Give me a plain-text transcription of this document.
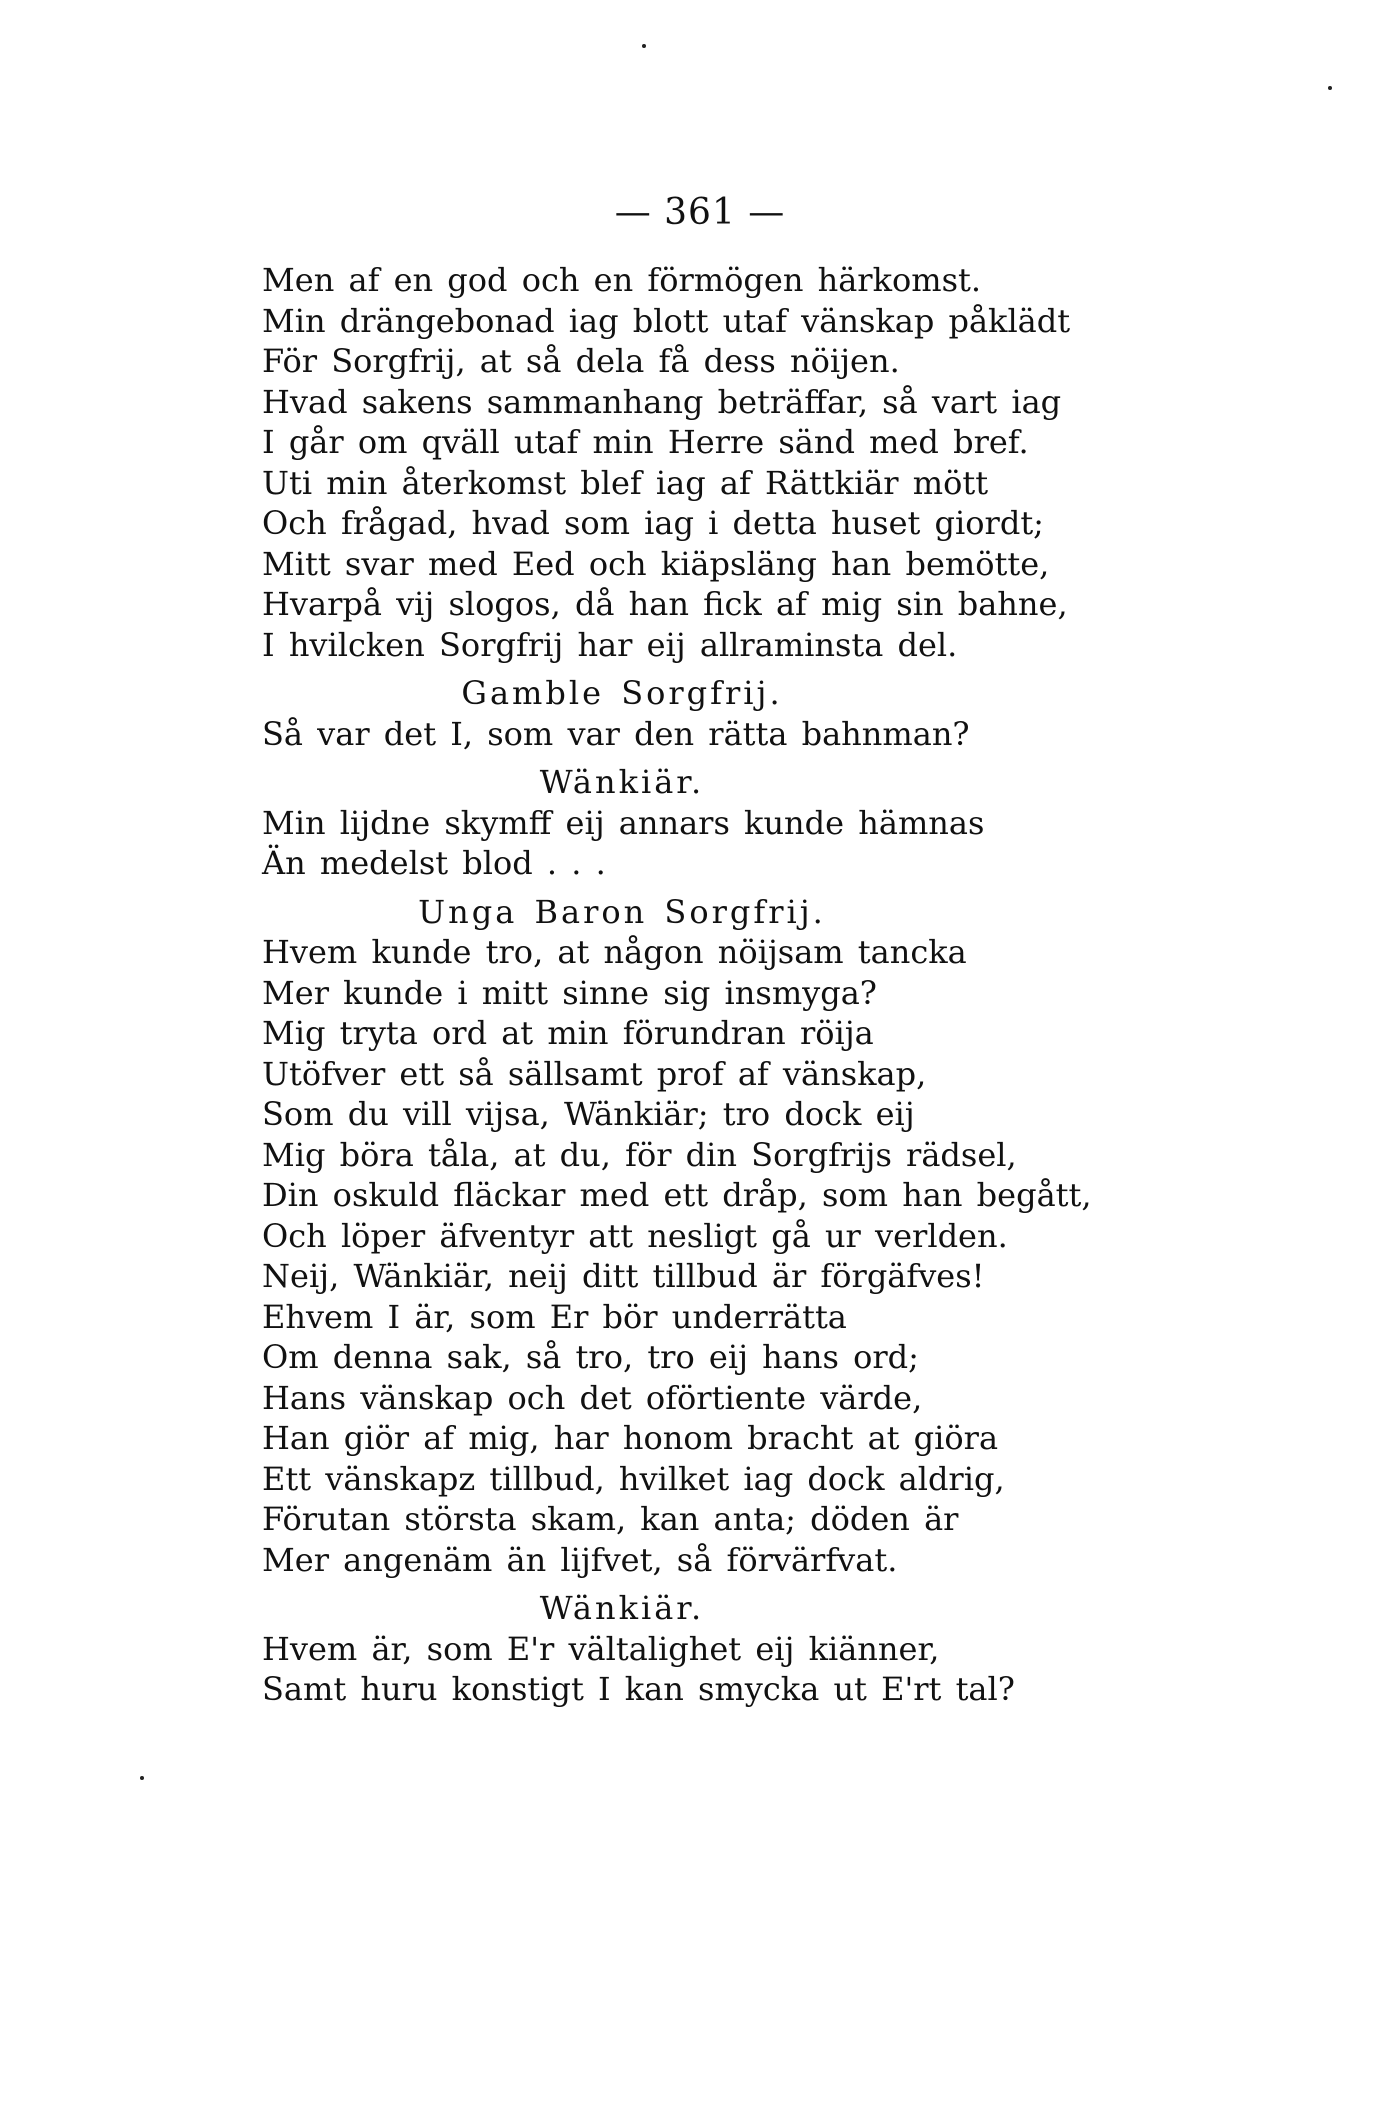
— 361 —
Men af en god och en förmögen härkomst.
Min drängebonad iag blott utaf vänskap påklädt
För Sorgfrij, at så dela få dess nöijen.
Hvad sakens sammanhang beträffar, så vart iag
I går om qväll utaf min Herre sänd med bref.
Uti min återkomst blef iag af Rättkiär mött
Och frågad, hvad som iag i detta huset giordt;
Mitt svar med Eed och kiäpsläng han bemötte,
Hvarpå vij slogos, då han fick af mig sin bahne,
I hvilcken Sorgfrij har eij allraminsta del.
Gamble Sorgfrij.
Så var det I, som var den rätta bahnman?
Wänkiär.
Min lijdne skymff eij annars kunde hämnas
Än medelst blod . . .
Unga Baron Sorgfrij.
Hvem kunde tro, at någon nöijsam tancka
Mer kunde i mitt sinne sig insmyga?
Mig tryta ord at min förundran röija
Utöfver ett så sällsamt prof af vänskap,
Som du vill vijsa, Wänkiär; tro dock eij
Mig böra tåla, at du, för din Sorgfrijs rädsel,
Din oskuld fläckar med ett dråp, som han begått,
Och löper äfventyr att nesligt gå ur verlden.
Neij, Wänkiär, neij ditt tillbud är förgäfves!
Ehvem I är, som Er bör underrätta
Om denna sak, så tro, tro eij hans ord;
Hans vänskap och det oförtiente värde,
Han giör af mig, har honom bracht at giöra
Ett vänskapz tillbud, hvilket iag dock aldrig,
Förutan största skam, kan anta; döden är
Mer angenäm än lijfvet, så förvärfvat.
Wänkiär.
Hvem är, som E'r vältalighet eij kiänner,
Samt huru konstigt I kan smycka ut E'rt tal?
